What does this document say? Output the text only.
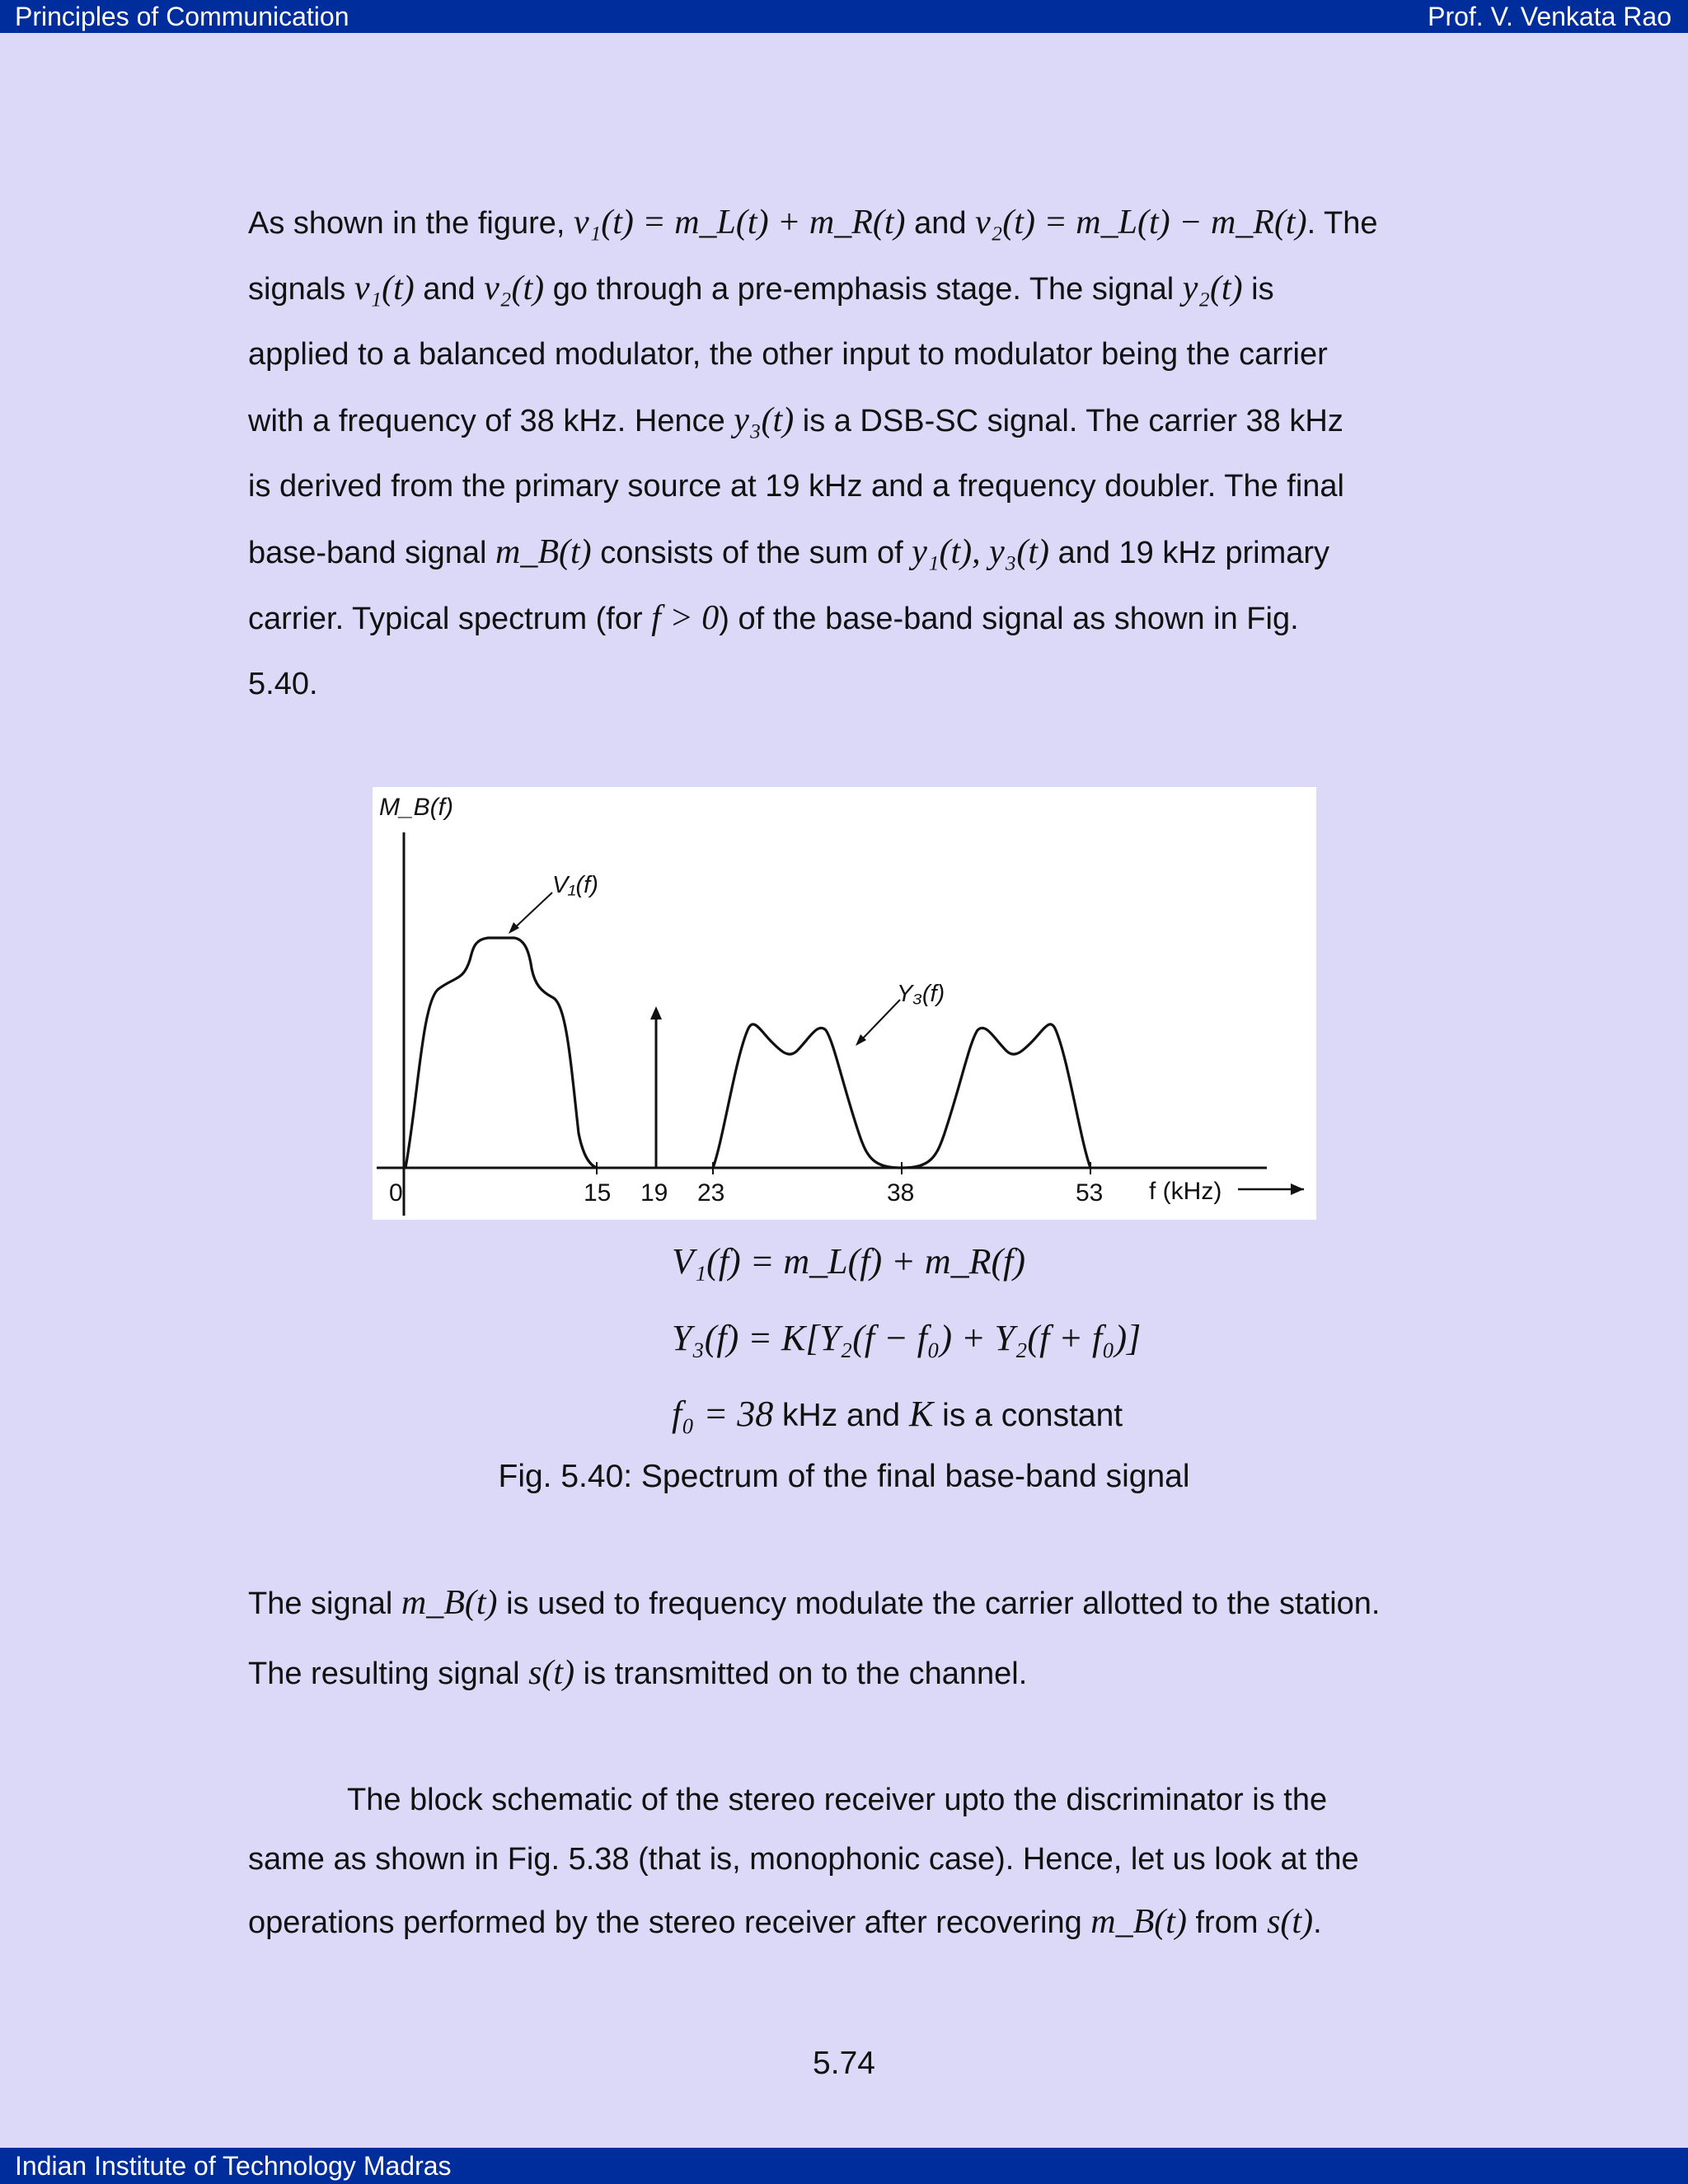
Principles of Communication	Prof. V. Venkata Rao
As shown in the figure, v₁(t) = m_L(t) + m_R(t) and v₂(t) = m_L(t) − m_R(t). The
signals v₁(t) and v₂(t) go through a pre-emphasis stage. The signal y₂(t) is
applied to a balanced modulator, the other input to modulator being the carrier
with a frequency of 38 kHz. Hence y₃(t) is a DSB-SC signal. The carrier 38 kHz
is derived from the primary source at 19 kHz and a frequency doubler. The final
base-band signal m_B(t) consists of the sum of y₁(t), y₃(t) and 19 kHz primary
carrier. Typical spectrum (for f > 0) of the base-band signal as shown in Fig.
5.40.
M_B(f)
V₁(f)
Y₃(f)
0	15 19 23	38	53 f (kHz)
V₁(f) = m_L(f) + m_R(f)
Y₃(f) = K[Y₂(f − f₀) + Y₂(f + f₀)]
f₀ = 38 kHz and K is a constant
Fig. 5.40: Spectrum of the final base-band signal
The signal m_B(t) is used to frequency modulate the carrier allotted to the station.
The resulting signal s(t) is transmitted on to the channel.
The block schematic of the stereo receiver upto the discriminator is the
same as shown in Fig. 5.38 (that is, monophonic case). Hence, let us look at the
operations performed by the stereo receiver after recovering m_B(t) from s(t).
5.74
Indian Institute of Technology Madras
